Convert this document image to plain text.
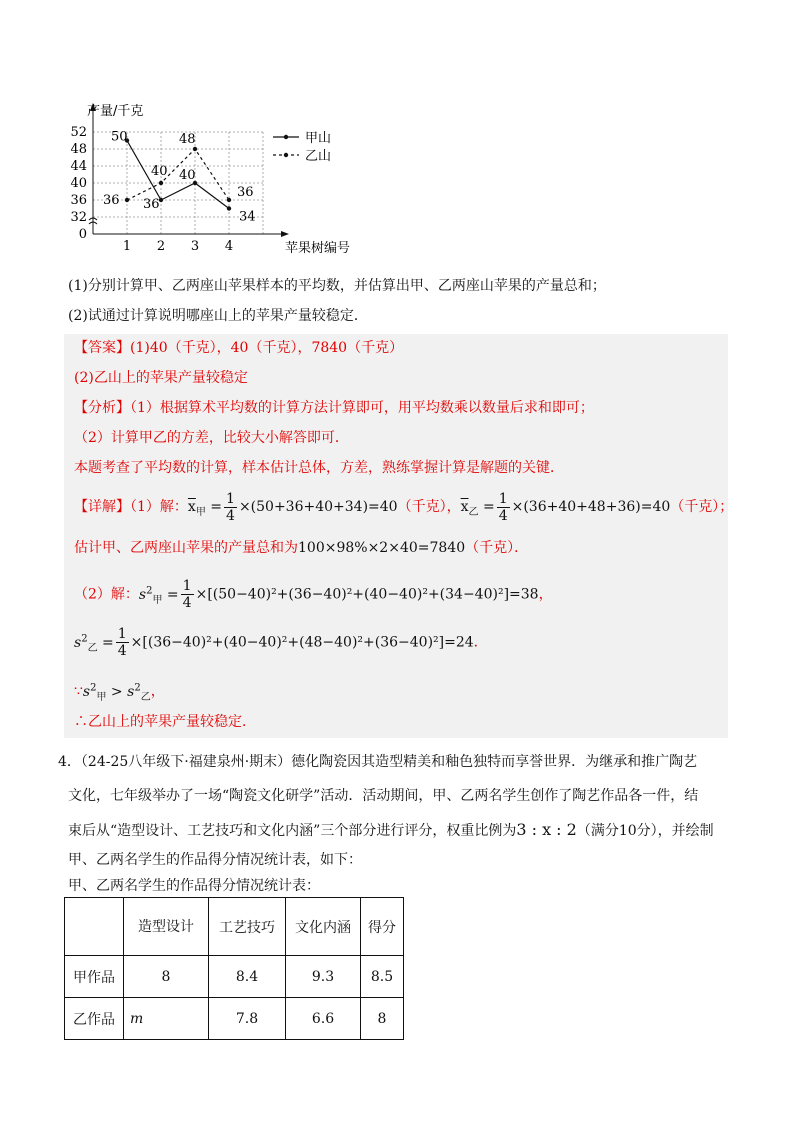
0
32
36
40
44
48
52
1 2 3 4
产量/千克
苹果树编号
50
36
40
34
36
40
48
36
甲山
乙山
(1)分别计算甲、乙两座山苹果样本的平均数，并估算出甲、乙两座山苹果的产量总和；
(2)试通过计算说明哪座山上的苹果产量较稳定．
【答案】(1)40（千克），40（千克），7840（千克）
(2)乙山上的苹果产量较稳定
【分析】（1）根据算术平均数的计算方法计算即可，用平均数乘以数量后求和即可；
（2）计算甲乙的方差，比较大小解答即可．
本题考查了平均数的计算，样本估计总体，方差，熟练掌握计算是解题的关键．
【详解】（1）解：$\overline{x}_甲 = \frac{1}{4} \times(50+36+40+34)=40$（千克），$\overline{x}_乙 = \frac{1}{4} \times(36+40+48+36)=40$（千克）；
估计甲、乙两座山苹果的产量总和为100×98%×2×40=7840（千克）．
（2）解：$s^2_甲 = \frac{1}{4} \times[(50-40)^2+(36-40)^2+(40-40)^2+(34-40)^2]=38$，
$s^2_乙 = \frac{1}{4} \times[(36-40)^2+(40-40)^2+(48-40)^2+(36-40)^2]=24$．
$\because s^2_甲 > s^2_乙$，
∴乙山上的苹果产量较稳定．
4．（24-25八年级下·福建泉州·期末）德化陶瓷因其造型精美和釉色独特而享誉世界．为继承和推广陶艺
文化，七年级举办了一场“陶瓷文化研学”活动．活动期间，甲、乙两名学生创作了陶艺作品各一件，结
束后从“造型设计、工艺技巧和文化内涵”三个部分进行评分，权重比例为3 : x : 2（满分10分），并绘制
甲、乙两名学生的作品得分情况统计表，如下：
甲、乙两名学生的作品得分情况统计表：
	造型设计	工艺技巧	文化内涵	得分
甲作品	8	8.4	9.3	8.5
乙作品	m	7.8	6.6	8
